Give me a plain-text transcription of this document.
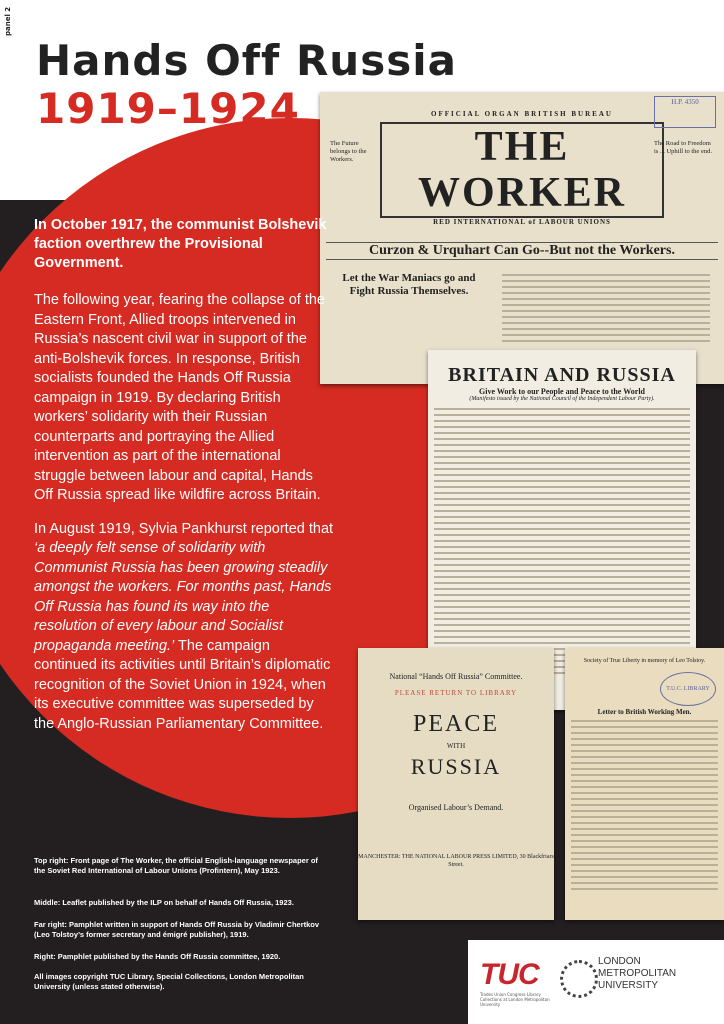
panel 2
Hands Off Russia
1919–1924	H.P. 4350
OFFICIAL ORGAN BRITISH BUREAU
The Future belongs to the Workers.
The Road to Freedom is ... Uphill to the end.
THE WORKER
RED INTERNATIONAL of LABOUR UNIONS
Curzon & Urquhart Can Go--But not the Workers.
Let the War Maniacs go and Fight Russia Themselves.
BRITAIN AND RUSSIA
Give Work to our People and Peace to the World
(Manifesto issued by the National Council of the Independent Labour Party).
National “Hands Off Russia” Committee.
PLEASE RETURN TO LIBRARY
PEACE
WITH
RUSSIA
Organised Labour’s Demand.
MANCHESTER: THE NATIONAL LABOUR PRESS LIMITED, 30 Blackfriars Street.
Society of True Liberty in memory of Leo Tolstoy.
T.U.C. LIBRARY
Letter to British Working Men.

In October 1917, the communist Bolshevik faction overthrew the Provisional Government.

The following year, fearing the collapse of the Eastern Front, Allied troops intervened in Russia’s nascent civil war in support of the anti-Bolshevik forces. In response, British socialists founded the Hands Off Russia campaign in 1919. By declaring British workers’ solidarity with their Russian counterparts and portraying the Allied intervention as part of the international struggle between labour and capital, Hands Off Russia spread like wildfire across Britain.

In August 1919, Sylvia Pankhurst reported that ‘a deeply felt sense of solidarity with Communist Russia has been growing steadily amongst the workers. For months past, Hands Off Russia has found its way into the resolution of every labour and Socialist propaganda meeting.’ The campaign continued its activities until Britain’s diplomatic recognition of the Soviet Union in 1924, when its executive committee was superseded by the Anglo-Russian Parliamentary Committee.

Top right: Front page of The Worker, the official English-language newspaper of the Soviet Red International of Labour Unions (Profintern), May 1923.
Middle: Leaflet published by the ILP on behalf of Hands Off Russia, 1923.
Far right: Pamphlet written in support of Hands Off Russia by Vladimir Chertkov (Leo Tolstoy’s former secretary and émigré publisher), 1919.
Right: Pamphlet published by the Hands Off Russia committee, 1920.
All images copyright TUC Library, Special Collections, London Metropolitan University (unless stated otherwise).	TUC
Trades Union Congress Library Collections at London Metropolitan University
LONDON METROPOLITAN UNIVERSITY
